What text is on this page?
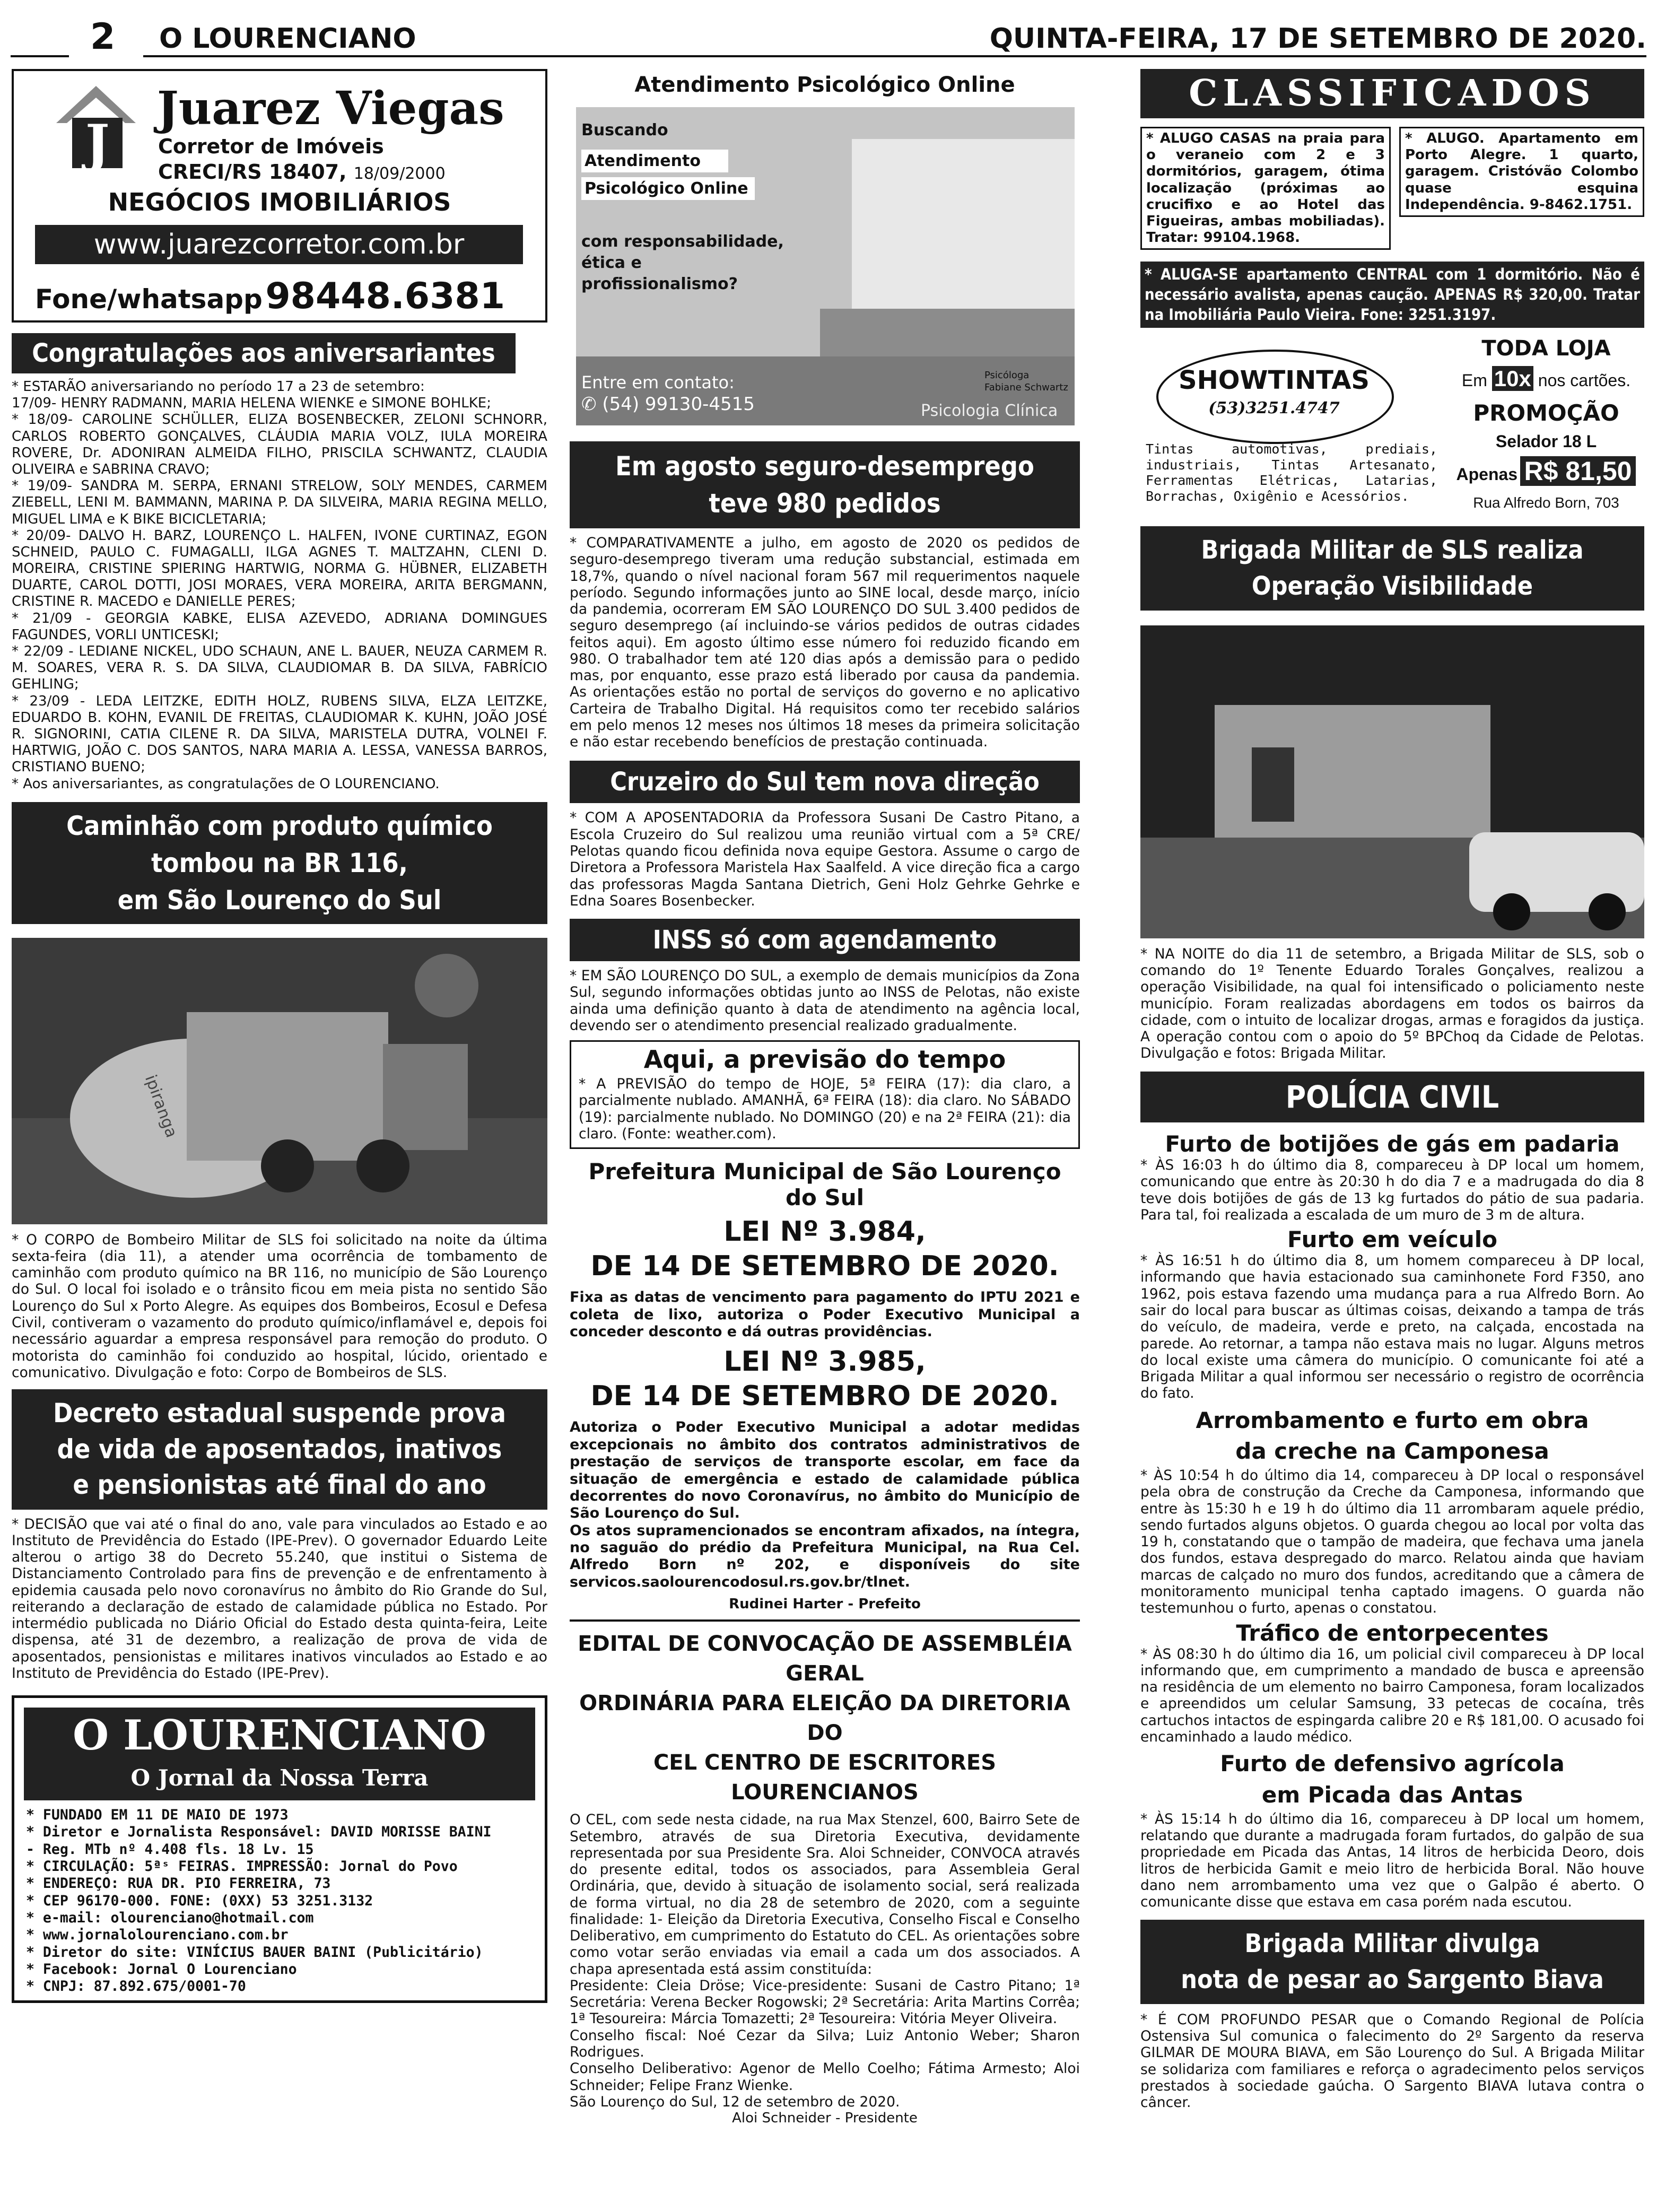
2 O LOURENCIANO	QUINTA-FEIRA, 17 DE SETEMBRO DE 2020.
J
Juarez Viegas
Corretor de Imóveis
CRECI/RS 18407, 18/09/2000
NEGÓCIOS IMOBILIÁRIOS
www.juarezcorretor.com.br
Fone/whatsapp 98448.6381
Congratulações aos aniversariantes

* ESTARÃO aniversariando no período 17 a 23 de setembro:
17/09- HENRY RADMANN, MARIA HELENA WIENKE e SIMONE BOHLKE;
* 18/09- CAROLINE SCHÜLLER, ELIZA BOSENBECKER, ZELONI SCHNORR, CARLOS ROBERTO GONÇALVES, CLÁUDIA MARIA VOLZ, IULA MOREIRA ROVERE, Dr. ADONIRAN ALMEIDA FILHO, PRISCILA SCHWANTZ, CLAUDIA OLIVEIRA e SABRINA CRAVO;
* 19/09- SANDRA M. SERPA, ERNANI STRELOW, SOLY MENDES, CARMEM ZIEBELL, LENI M. BAMMANN, MARINA P. DA SILVEIRA, MARIA REGINA MELLO, MIGUEL LIMA e K BIKE BICICLETARIA;
* 20/09- DALVO H. BARZ, LOURENÇO L. HALFEN, IVONE CURTINAZ, EGON SCHNEID, PAULO C. FUMAGALLI, ILGA AGNES T. MALTZAHN, CLENI D. MOREIRA, CRISTINE SPIERING HARTWIG, NORMA G. HÜBNER, ELIZABETH DUARTE, CAROL DOTTI, JOSI MORAES, VERA MOREIRA, ARITA BERGMANN, CRISTINE R. MACEDO e DANIELLE PERES;
* 21/09 - GEORGIA KABKE, ELISA AZEVEDO, ADRIANA DOMINGUES FAGUNDES, VORLI UNTICESKI;
* 22/09 - LEDIANE NICKEL, UDO SCHAUN, ANE L. BAUER, NEUZA CARMEM R. M. SOARES, VERA R. S. DA SILVA, CLAUDIOMAR B. DA SILVA, FABRÍCIO GEHLING;
* 23/09 - LEDA LEITZKE, EDITH HOLZ, RUBENS SILVA, ELZA LEITZKE, EDUARDO B. KOHN, EVANIL DE FREITAS, CLAUDIOMAR K. KUHN, JOÃO JOSÉ R. SIGNORINI, CATIA CILENE R. DA SILVA, MARISTELA DUTRA, VOLNEI F. HARTWIG, JOÃO C. DOS SANTOS, NARA MARIA A. LESSA, VANESSA BARROS, CRISTIANO BUENO;
* Aos aniversariantes, as congratulações de O LOURENCIANO.

Caminhão com produto químico
tombou na BR 116,
em São Lourenço do Sul
ipiranga

* O CORPO de Bombeiro Militar de SLS foi solicitado na noite da última sexta-feira (dia 11), a atender uma ocorrência de tombamento de caminhão com produto químico na BR 116, no município de São Lourenço do Sul. O local foi isolado e o trânsito ficou em meia pista no sentido São Lourenço do Sul x Porto Alegre. As equipes dos Bombeiros, Ecosul e Defesa Civil, contiveram o vazamento do produto químico/inflamável e, depois foi necessário aguardar a empresa responsável para remoção do produto. O motorista do caminhão foi conduzido ao hospital, lúcido, orientado e comunicativo. Divulgação e foto: Corpo de Bombeiros de SLS.

Decreto estadual suspende prova
de vida de aposentados, inativos
e pensionistas até final do ano

* DECISÃO que vai até o final do ano, vale para vinculados ao Estado e ao Instituto de Previdência do Estado (IPE-Prev). O governador Eduardo Leite alterou o artigo 38 do Decreto 55.240, que institui o Sistema de Distanciamento Controlado para fins de prevenção e de enfrentamento à epidemia causada pelo novo coronavírus no âmbito do Rio Grande do Sul, reiterando a declaração de estado de calamidade pública no Estado. Por intermédio publicada no Diário Oficial do Estado desta quinta-feira, Leite dispensa, até 31 de dezembro, a realização de prova de vida de aposentados, pensionistas e militares inativos vinculados ao Estado e ao Instituto de Previdência do Estado (IPE-Prev).

O LOURENCIANO
O Jornal da Nossa Terra
* FUNDADO EM 11 DE MAIO DE 1973
* Diretor e Jornalista Responsável: DAVID MORISSE BAINI
- Reg. MTb nº 4.408 fls. 18 Lv. 15
* CIRCULAÇÃO: 5ªˢ FEIRAS. IMPRESSÃO: Jornal do Povo
* ENDEREÇO: RUA DR. PIO FERREIRA, 73
* CEP 96170-000. FONE: (0XX) 53 3251.3132
* e-mail: olourenciano@hotmail.com
* www.jornalolourenciano.com.br
* Diretor do site: VINÍCIUS BAUER BAINI (Publicitário)
* Facebook: Jornal O Lourenciano
* CNPJ: 87.892.675/0001-70
Atendimento Psicológico Online
Buscando
Atendimento
Psicológico Online
com responsabilidade,
ética e
profissionalismo?
Entre em contato:
✆ (54) 99130-4515
Psicóloga
Fabiane Schwartz
Psicologia Clínica
Em agosto seguro-desemprego
teve 980 pedidos

* COMPARATIVAMENTE a julho, em agosto de 2020 os pedidos de seguro-desemprego tiveram uma redução substancial, estimada em 18,7%, quando o nível nacional foram 567 mil requerimentos naquele período. Segundo informações junto ao SINE local, desde março, início da pandemia, ocorreram EM SÃO LOURENÇO DO SUL 3.400 pedidos de seguro desemprego (aí incluindo-se vários pedidos de outras cidades feitos aqui). Em agosto último esse número foi reduzido ficando em 980. O trabalhador tem até 120 dias após a demissão para o pedido mas, por enquanto, esse prazo está liberado por causa da pandemia. As orientações estão no portal de serviços do governo e no aplicativo Carteira de Trabalho Digital. Há requisitos como ter recebido salários em pelo menos 12 meses nos últimos 18 meses da primeira solicitação e não estar recebendo benefícios de prestação continuada.

Cruzeiro do Sul tem nova direção

* COM A APOSENTADORIA da Professora Susani De Castro Pitano, a Escola Cruzeiro do Sul realizou uma reunião virtual com a 5ª CRE/ Pelotas quando ficou definida nova equipe Gestora. Assume o cargo de Diretora a Professora Maristela Hax Saalfeld. A vice direção fica a cargo das professoras Magda Santana Dietrich, Geni Holz Gehrke Gehrke e Edna Soares Bosenbecker.

INSS só com agendamento

* EM SÃO LOURENÇO DO SUL, a exemplo de demais municípios da Zona Sul, segundo informações obtidas junto ao INSS de Pelotas, não existe ainda uma definição quanto à data de atendimento na agência local, devendo ser o atendimento presencial realizado gradualmente.

Aqui, a previsão do tempo

* A PREVISÃO do tempo de HOJE, 5ª FEIRA (17): dia claro, a parcialmente nublado. AMANHÃ, 6ª FEIRA (18): dia claro. No SÁBADO (19): parcialmente nublado. No DOMINGO (20) e na 2ª FEIRA (21): dia claro. (Fonte: weather.com).

Prefeitura Municipal de São Lourenço do Sul
LEI Nº 3.984,
DE 14 DE SETEMBRO DE 2020.

Fixa as datas de vencimento para pagamento do IPTU 2021 e coleta de lixo, autoriza o Poder Executivo Municipal a conceder desconto e dá outras providências.

LEI Nº 3.985,
DE 14 DE SETEMBRO DE 2020.

Autoriza o Poder Executivo Municipal a adotar medidas excepcionais no âmbito dos contratos administrativos de prestação de serviços de transporte escolar, em face da situação de emergência e estado de calamidade pública decorrentes do novo Coronavírus, no âmbito do Município de São Lourenço do Sul.
Os atos supramencionados se encontram afixados, na íntegra, no saguão do prédio da Prefeitura Municipal, na Rua Cel. Alfredo Born nº 202, e disponíveis do site servicos.saolourencodosul.rs.gov.br/tlnet.

Rudinei Harter - Prefeito
EDITAL DE CONVOCAÇÃO DE ASSEMBLÉIA GERAL
ORDINÁRIA PARA ELEIÇÃO DA DIRETORIA DO
CEL CENTRO DE ESCRITORES LOURENCIANOS

O CEL, com sede nesta cidade, na rua Max Stenzel, 600, Bairro Sete de Setembro, através de sua Diretoria Executiva, devidamente representada por sua Presidente Sra. Aloi Schneider, CONVOCA através do presente edital, todos os associados, para Assembleia Geral Ordinária, que, devido à situação de isolamento social, será realizada de forma virtual, no dia 28 de setembro de 2020, com a seguinte finalidade: 1- Eleição da Diretoria Executiva, Conselho Fiscal e Conselho Deliberativo, em cumprimento do Estatuto do CEL. As orientações sobre como votar serão enviadas via email a cada um dos associados. A chapa apresentada está assim constituída:
Presidente: Cleia Dröse; Vice-presidente: Susani de Castro Pitano; 1ª Secretária: Verena Becker Rogowski; 2ª Secretária: Arita Martins Corrêa; 1ª Tesoureira: Márcia Tomazetti; 2ª Tesoureira: Vitória Meyer Oliveira.
Conselho fiscal: Noé Cezar da Silva; Luiz Antonio Weber; Sharon Rodrigues.
Conselho Deliberativo: Agenor de Mello Coelho; Fátima Armesto; Aloi Schneider; Felipe Franz Wienke.
São Lourenço do Sul, 12 de setembro de 2020.

Aloi Schneider - Presidente
CLASSIFICADOS

* ALUGO CASAS na praia para o veraneio com 2 e 3 dormitórios, garagem, ótima localização (próximas ao crucifixo e ao Hotel das Figueiras, ambas mobiliadas). Tratar: 99104.1968.

* ALUGO. Apartamento em Porto Alegre. 1 quarto, garagem. Cristóvão Colombo quase esquina Independência. 9-8462.1751.

* ALUGA-SE apartamento CENTRAL com 1 dormitório. Não é necessário avalista, apenas caução. APENAS R$ 320,00. Tratar na Imobiliária Paulo Vieira. Fone: 3251.3197.
SHOWTINTAS
(53)3251.4747

Tintas automotivas, prediais, industriais, Tintas Artesanato, Ferramentas Elétricas, Latarias, Borrachas, Oxigênio e Acessórios.

TODA LOJA
Em 10x nos cartões.
PROMOÇÃO
Selador 18 L
Apenas R$ 81,50
Rua Alfredo Born, 703
Brigada Militar de SLS realiza
Operação Visibilidade

* NA NOITE do dia 11 de setembro, a Brigada Militar de SLS, sob o comando do 1º Tenente Eduardo Torales Gonçalves, realizou a operação Visibilidade, na qual foi intensificado o policiamento neste município. Foram realizadas abordagens em todos os bairros da cidade, com o intuito de localizar drogas, armas e foragidos da justiça. A operação contou com o apoio do 5º BPChoq da Cidade de Pelotas. Divulgação e fotos: Brigada Militar.

POLÍCIA CIVIL
Furto de botijões de gás em padaria

* ÀS 16:03 h do último dia 8, compareceu à DP local um homem, comunicando que entre às 20:30 h do dia 7 e a madrugada do dia 8 teve dois botijões de gás de 13 kg furtados do pátio de sua padaria. Para tal, foi realizada a escalada de um muro de 3 m de altura.

Furto em veículo

* ÀS 16:51 h do último dia 8, um homem compareceu à DP local, informando que havia estacionado sua caminhonete Ford F350, ano 1962, pois estava fazendo uma mudança para a rua Alfredo Born. Ao sair do local para buscar as últimas coisas, deixando a tampa de trás do veículo, de madeira, verde e preto, na calçada, encostada na parede. Ao retornar, a tampa não estava mais no lugar. Alguns metros do local existe uma câmera do município. O comunicante foi até a Brigada Militar a qual informou ser necessário o registro de ocorrência do fato.

Arrombamento e furto em obra
da creche na Camponesa

* ÀS 10:54 h do último dia 14, compareceu à DP local o responsável pela obra de construção da Creche da Camponesa, informando que entre às 15:30 h e 19 h do último dia 11 arrombaram aquele prédio, sendo furtados alguns objetos. O guarda chegou ao local por volta das 19 h, constatando que o tampão de madeira, que fechava uma janela dos fundos, estava despregado do marco. Relatou ainda que haviam marcas de calçado no muro dos fundos, acreditando que a câmera de monitoramento municipal tenha captado imagens. O guarda não testemunhou o furto, apenas o constatou.

Tráfico de entorpecentes

* ÀS 08:30 h do último dia 16, um policial civil compareceu à DP local informando que, em cumprimento a mandado de busca e apreensão na residência de um elemento no bairro Camponesa, foram localizados e apreendidos um celular Samsung, 33 petecas de cocaína, três cartuchos intactos de espingarda calibre 20 e R$ 181,00. O acusado foi encaminhado a laudo médico.

Furto de defensivo agrícola
em Picada das Antas

* ÀS 15:14 h do último dia 16, compareceu à DP local um homem, relatando que durante a madrugada foram furtados, do galpão de sua propriedade em Picada das Antas, 14 litros de herbicida Deoro, dois litros de herbicida Gamit e meio litro de herbicida Boral. Não houve dano nem arrombamento uma vez que o Galpão é aberto. O comunicante disse que estava em casa porém nada escutou.

Brigada Militar divulga
nota de pesar ao Sargento Biava

* É COM PROFUNDO PESAR que o Comando Regional de Polícia Ostensiva Sul comunica o falecimento do 2º Sargento da reserva GILMAR DE MOURA BIAVA, em São Lourenço do Sul. A Brigada Militar se solidariza com familiares e reforça o agradecimento pelos serviços prestados à sociedade gaúcha. O Sargento BIAVA lutava contra o câncer.
